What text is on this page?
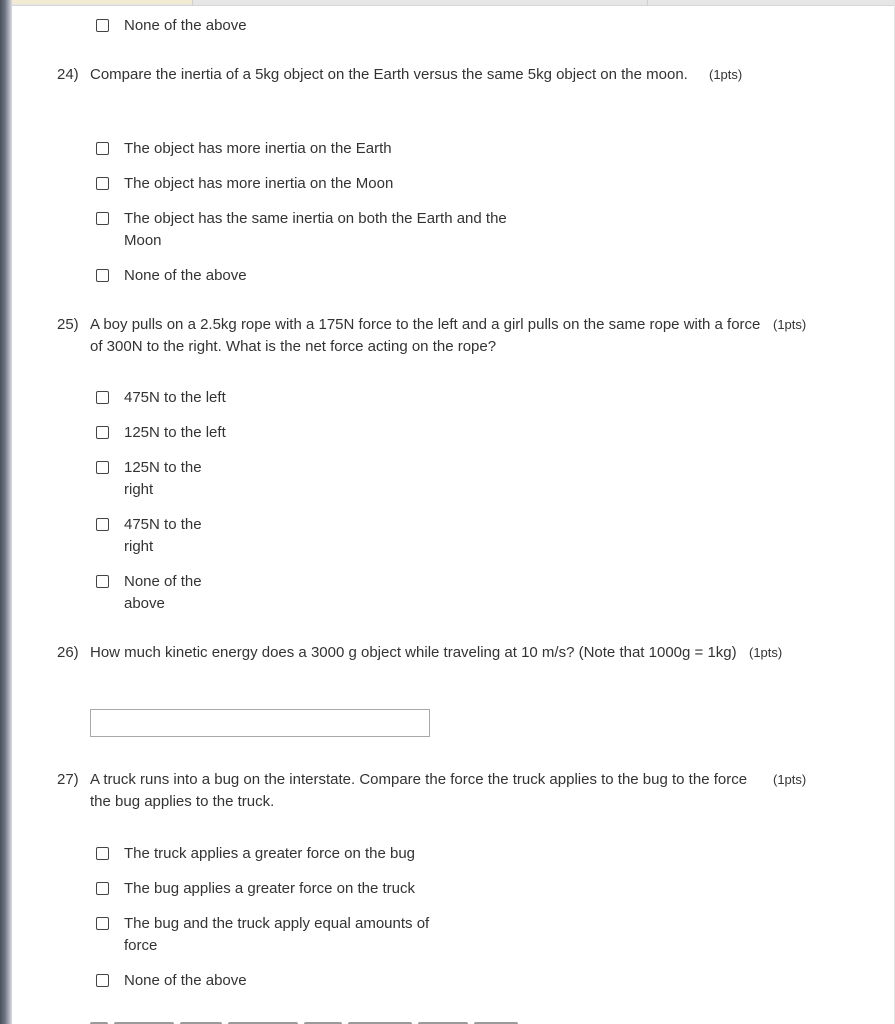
None of the above
24) Compare the inertia of a 5kg object on the Earth versus the same 5kg object on the moon. (1pts)
The object has more inertia on the Earth
The object has more inertia on the Moon
The object has the same inertia on both the Earth and the Moon
None of the above
25) A boy pulls on a 2.5kg rope with a 175N force to the left and a girl pulls on the same rope with a force of 300N to the right. What is the net force acting on the rope?
(1pts)
475N to the left
125N to the left
125N to the right
475N to the right
None of the above
26) How much kinetic energy does a 3000 g object while traveling at 10 m/s? (Note that 1000g = 1kg) (1pts)
27) A truck runs into a bug on the interstate. Compare the force the truck applies to the bug to the force the bug applies to the truck.
(1pts)
The truck applies a greater force on the bug
The bug applies a greater force on the truck
The bug and the truck apply equal amounts of force
None of the above
